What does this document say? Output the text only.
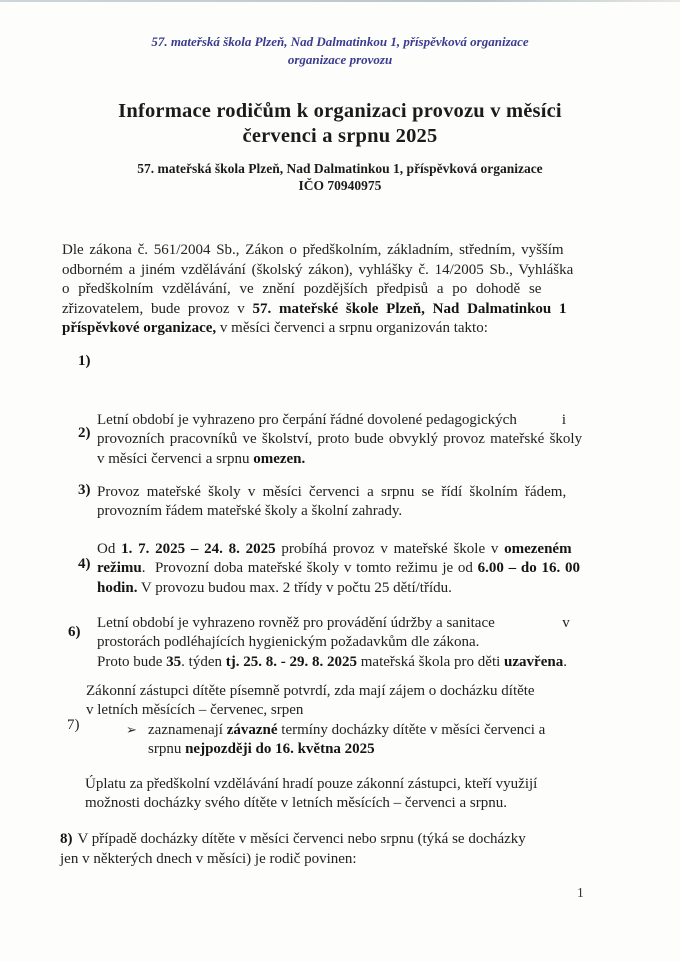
57. mateřská škola Plzeň, Nad Dalmatinkou 1, příspěvková organizace
organizace provozu
Informace rodičům k organizaci provozu v měsíci
červenci a srpnu 2025
57. mateřská škola Plzeň, Nad Dalmatinkou 1, příspěvková organizace
IČO 70940975
Dle zákona č. 561/2004 Sb., Zákon o předškolním, základním, středním, vyšším
odborném a jiném vzdělávání (školský zákon), vyhlášky č. 14/2005 Sb., Vyhláška
o předškolním vzdělávání, ve znění pozdějších předpisů a po dohodě se
zřizovatelem, bude provoz v 57. mateřské škole Plzeň, Nad Dalmatinkou 1
příspěvkové organizace, v měsíci červenci a srpnu organizován takto:

1)

Letní období je vyhrazeno pro čerpání řádné dovolené pedagogických            i
provozních pracovníků ve školství, proto bude obvyklý provoz mateřské školy
v měsíci červenci a srpnu omezen.

2)

Provoz mateřské školy v měsíci červenci a srpnu se řídí školním řádem,
provozním řádem mateřské školy a školní zahrady.

3)

Od 1. 7. 2025 – 24. 8. 2025 probíhá provoz v mateřské škole v omezeném
režimu.  Provozní doba mateřské školy v tomto režimu je od 6.00 – do 16. 00
hodin. V provozu budou max. 2 třídy v počtu 25 dětí/třídu.

4)

Letní období je vyhrazeno rovněž pro provádění údržby a sanitace                  v
prostorách podléhajících hygienickým požadavkům dle zákona.
Proto bude 35. týden tj. 25. 8. - 29. 8. 2025 mateřská škola pro děti uzavřena.

6)

Zákonní zástupci dítěte písemně potvrdí, zda mají zájem o docházku dítěte
v letních měsících – červenec, srpen
➢ zaznamenají závazné termíny docházky dítěte v měsíci červenci a
srpnu nejpozději do 16. května 2025

7)

Úplatu za předškolní vzdělávání hradí pouze zákonní zástupci, kteří využijí
možnosti docházky svého dítěte v letních měsících – červenci a srpnu.

8) V případě docházky dítěte v měsíci červenci nebo srpnu (týká se docházky
jen v některých dnech v měsíci) je rodič povinen:

1
